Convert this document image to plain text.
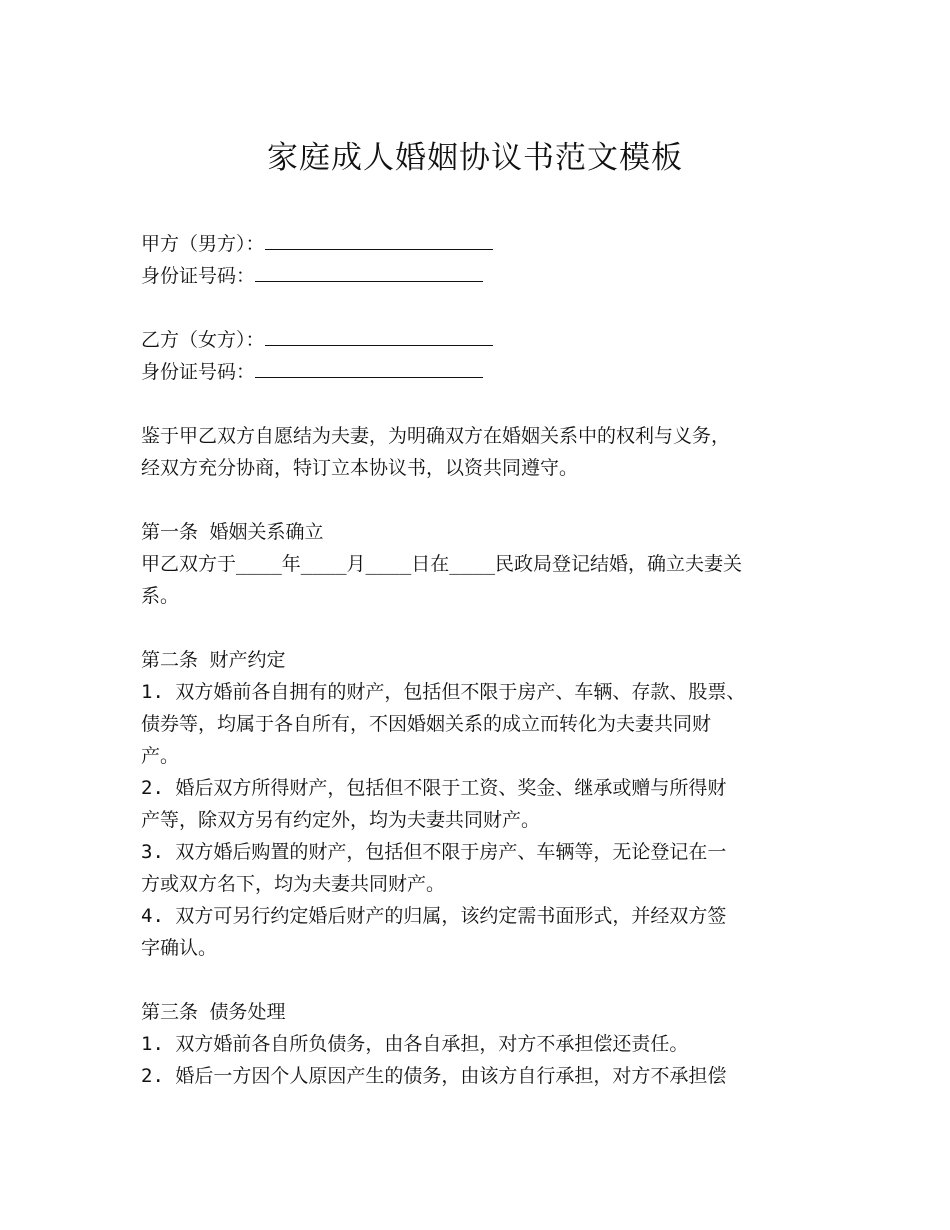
家庭成人婚姻协议书范文模板
甲方（男方）：
身份证号码：
乙方（女方）：
身份证号码：
鉴于甲乙双方自愿结为夫妻，为明确双方在婚姻关系中的权利与义务，
经双方充分协商，特订立本协议书，以资共同遵守。
第一条 婚姻关系确立
甲乙双方于____年____月____日在____民政局登记结婚，确立夫妻关
系。
第二条 财产约定
1. 双方婚前各自拥有的财产，包括但不限于房产、车辆、存款、股票、
债券等，均属于各自所有，不因婚姻关系的成立而转化为夫妻共同财
产。
2. 婚后双方所得财产，包括但不限于工资、奖金、继承或赠与所得财
产等，除双方另有约定外，均为夫妻共同财产。
3. 双方婚后购置的财产，包括但不限于房产、车辆等，无论登记在一
方或双方名下，均为夫妻共同财产。
4. 双方可另行约定婚后财产的归属，该约定需书面形式，并经双方签
字确认。
第三条 债务处理
1. 双方婚前各自所负债务，由各自承担，对方不承担偿还责任。
2. 婚后一方因个人原因产生的债务，由该方自行承担，对方不承担偿
